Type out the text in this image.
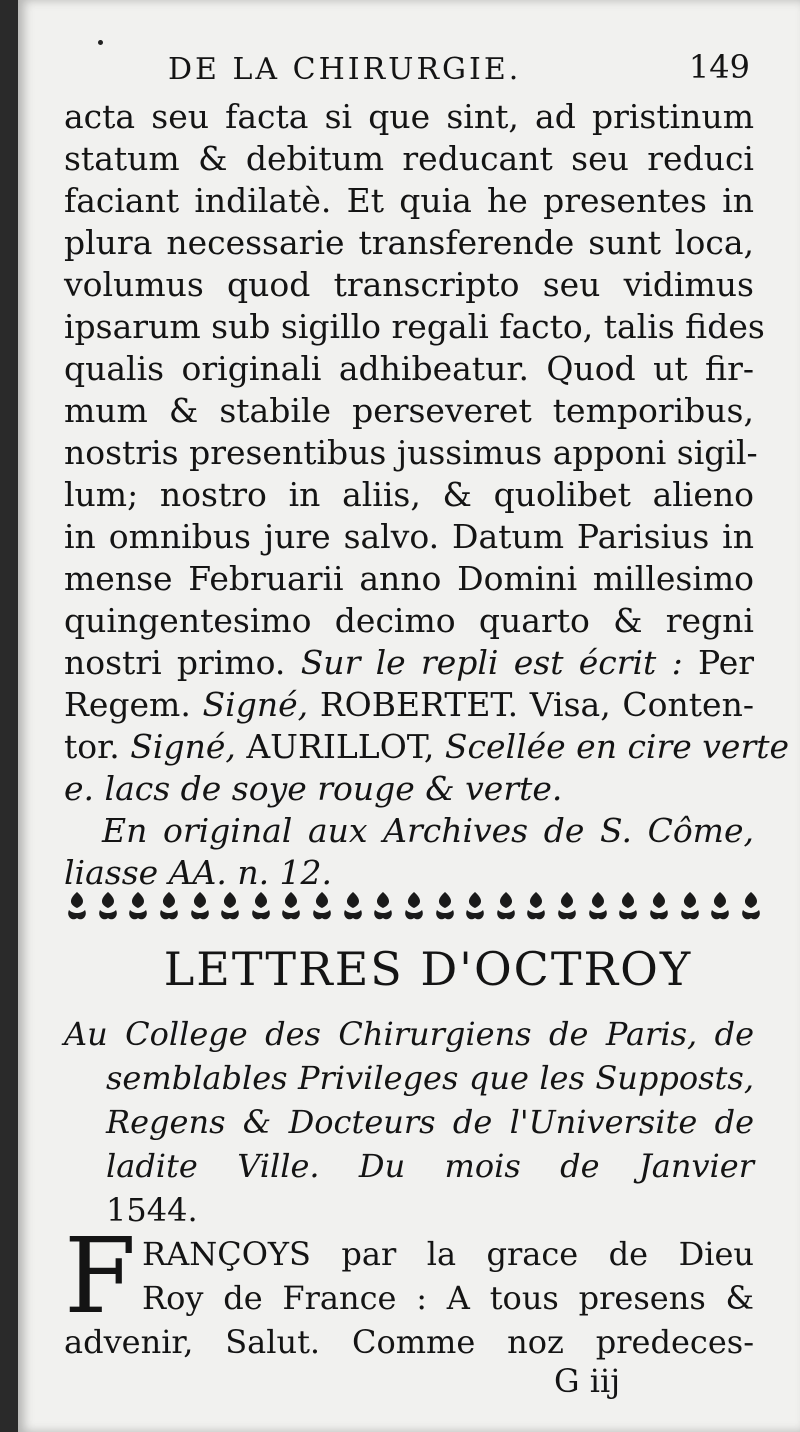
DE LA CHIRURGIE.	149
acta seu facta si que sint, ad pristinum
statum & debitum reducant seu reduci
faciant indilatè. Et quia he presentes in
plura necessarie transferende sunt loca,
volumus quod transcripto seu vidimus
ipsarum sub sigillo regali facto, talis fides
qualis originali adhibeatur. Quod ut fir-
mum & stabile perseveret temporibus,
nostris presentibus jussimus apponi sigil-
lum; nostro in aliis, & quolibet alieno
in omnibus jure salvo. Datum Parisius in
mense Februarii anno Domini millesimo
quingentesimo decimo quarto & regni
nostri primo. Sur le repli est écrit : Per
Regem. Signé, ROBERTET. Visa, Conten-
tor. Signé, AURILLOT, Scellée en cire verte
e. lacs de soye rouge & verte.
En original aux Archives de S. Côme,
liasse AA. n. 12.
LETTRES D'OCTROY
Au College des Chirurgiens de Paris, de
semblables Privileges que les Supposts,
Regens & Docteurs de l'Universite de
ladite Ville. Du mois de Janvier
1544.
F RANÇOYS par la grace de Dieu
Roy de France : A tous presens &
advenir, Salut. Comme noz predeces-
G iij
